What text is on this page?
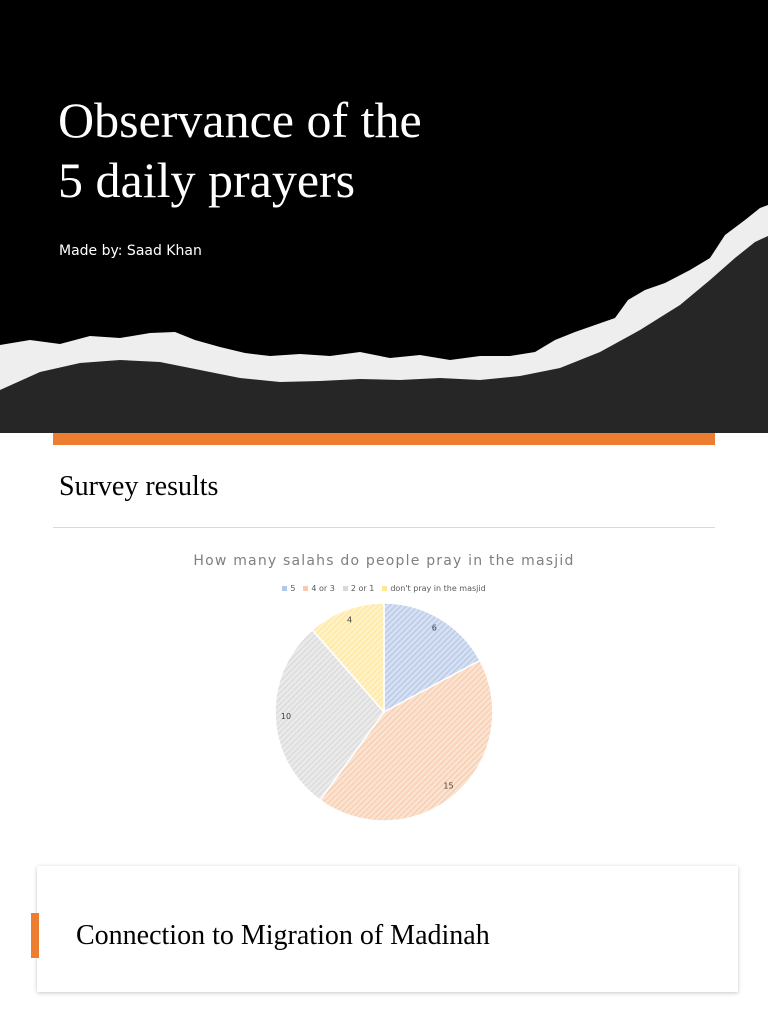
Observance of the
5 daily prayers

Made by: Saad Khan

Survey results
How many salahs do people pray in the masjid
5 4 or 3 2 or 1 don't pray in the masjid
6
15
10
4
Connection to Migration of Madinah
